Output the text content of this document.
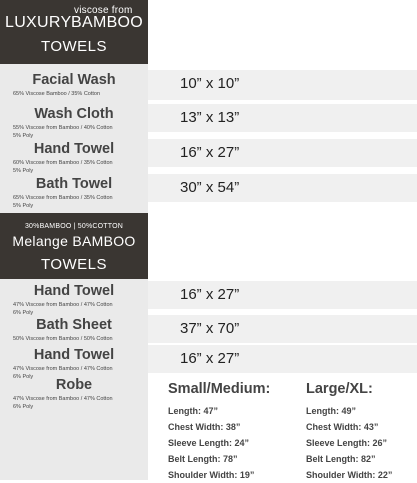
viscose from
LUXURY BAMBOO
TOWELS
Facial Wash
65% Viscose Bamboo / 35% Cotton
10” x 10”
Wash Cloth
55% Viscose from Bamboo / 40% Cotton
5% Poly
13” x 13”
Hand Towel
60% Viscose from Bamboo / 35% Cotton
5% Poly
16” x 27”
Bath Towel
65% Viscose from Bamboo / 35% Cotton
5% Poly
30” x 54”
30%BAMBOO | 50%COTTON
Melange BAMBOO
TOWELS
Hand Towel
47% Viscose from Bamboo / 47% Cotton
6% Poly
16” x 27”
Bath Sheet
50% Viscose from Bamboo / 50% Cotton
37” x 70”
Hand Towel
47% Viscose from Bamboo / 47% Cotton
6% Poly
16” x 27”
Robe
47% Viscose from Bamboo / 47% Cotton
6% Poly
Small/Medium:
Length: 47”
Chest Width: 38”
Sleeve Length: 24”
Belt Length: 78”
Shoulder Width: 19”
Large/XL:
Length: 49”
Chest Width: 43”
Sleeve Length: 26”
Belt Length: 82”
Shoulder Width: 22”
